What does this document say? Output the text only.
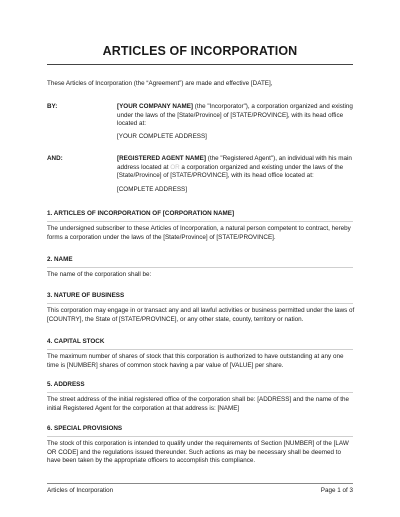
ARTICLES OF INCORPORATION
These Articles of Incorporation (the “Agreement”) are made and effective [DATE],
BY:	[YOUR COMPANY NAME] (the "Incorporator"), a corporation organized and existing under the laws of the [State/Province] of [STATE/PROVINCE], with its head office located at:
[YOUR COMPLETE ADDRESS]
AND:	[REGISTERED AGENT NAME] (the "Registered Agent"), an individual with his main address located at OR a corporation organized and existing under the laws of the [State/Province] of [STATE/PROVINCE], with its head office located at:
[COMPLETE ADDRESS]
1. ARTICLES OF INCORPORATION OF [CORPORATION NAME]
The undersigned subscriber to these Articles of Incorporation, a natural person competent to contract, hereby forms a corporation under the laws of the [State/Province] of [STATE/PROVINCE].
2. NAME
The name of the corporation shall be:
3. NATURE OF BUSINESS
This corporation may engage in or transact any and all lawful activities or business permitted under the laws of [COUNTRY], the State of [STATE/PROVINCE], or any other state, county, territory or nation.
4. CAPITAL STOCK
The maximum number of shares of stock that this corporation is authorized to have outstanding at any one time is [NUMBER] shares of common stock having a par value of [VALUE] per share.
5. ADDRESS
The street address of the initial registered office of the corporation shall be: [ADDRESS] and the name of the initial Registered Agent for the corporation at that address is: [NAME]
6. SPECIAL PROVISIONS
The stock of this corporation is intended to qualify under the requirements of Section [NUMBER] of the [LAW OR CODE] and the regulations issued thereunder. Such actions as may be necessary shall be deemed to have been taken by the appropriate officers to accomplish this compliance.
Articles of Incorporation	Page 1 of 3
